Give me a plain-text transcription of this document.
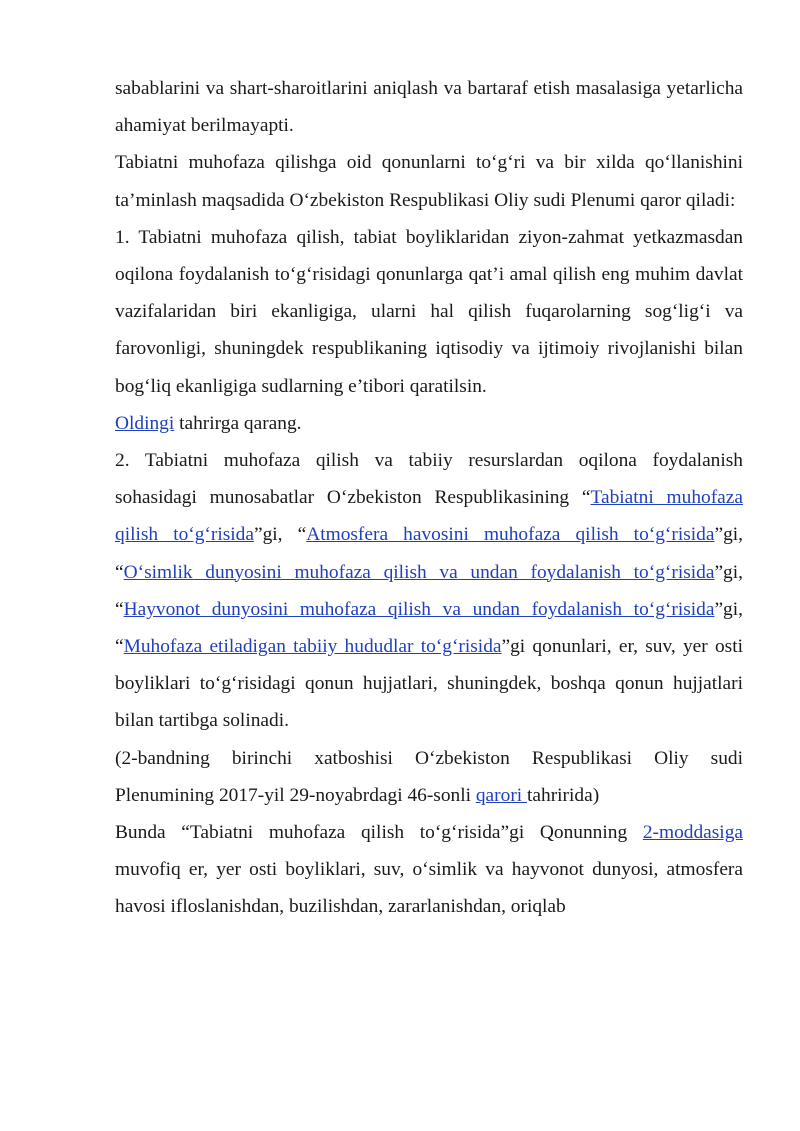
sabablarini va shart-sharoitlarini aniqlash va bartaraf etish masalasiga yetarlicha ahamiyat berilmayapti.

Tabiatni muhofaza qilishga oid qonunlarni to‘g‘ri va bir xilda qo‘llanishini ta’minlash maqsadida O‘zbekiston Respublikasi Oliy sudi Plenumi qaror qiladi:

1. Tabiatni muhofaza qilish, tabiat boyliklaridan ziyon-zahmat yetkazmasdan oqilona foydalanish to‘g‘risidagi qonunlarga qat’i amal qilish eng muhim davlat vazifalaridan biri ekanligiga, ularni hal qilish fuqarolarning sog‘lig‘i va farovonligi, shuningdek respublikaning iqtisodiy va ijtimoiy rivojlanishi bilan bog‘liq ekanligiga sudlarning e’tibori qaratilsin.

Oldingi tahrirga qarang.

2. Tabiatni muhofaza qilish va tabiiy resurslardan oqilona foydalanish sohasidagi munosabatlar O‘zbekiston Respublikasining “Tabiatni muhofaza qilish to‘g‘risida”gi, “Atmosfera havosini muhofaza qilish to‘g‘risida”gi, “O‘simlik dunyosini muhofaza qilish va undan foydalanish to‘g‘risida”gi, “Hayvonot dunyosini muhofaza qilish va undan foydalanish to‘g‘risida”gi, “Muhofaza etiladigan tabiiy hududlar to‘g‘risida”gi qonunlari, er, suv, yer osti boyliklari to‘g‘risidagi qonun hujjatlari, shuningdek, boshqa qonun hujjatlari bilan tartibga solinadi.

(2-bandning birinchi xatboshisi O‘zbekiston Respublikasi Oliy sudi Plenumining 2017-yil 29-noyabrdagi 46-sonli qarori tahririda)

Bunda “Tabiatni muhofaza qilish to‘g‘risida”gi Qonunning 2-moddasiga muvofiq er, yer osti boyliklari, suv, o‘simlik va hayvonot dunyosi, atmosfera havosi ifloslanishdan, buzilishdan, zararlanishdan, oriqlab
